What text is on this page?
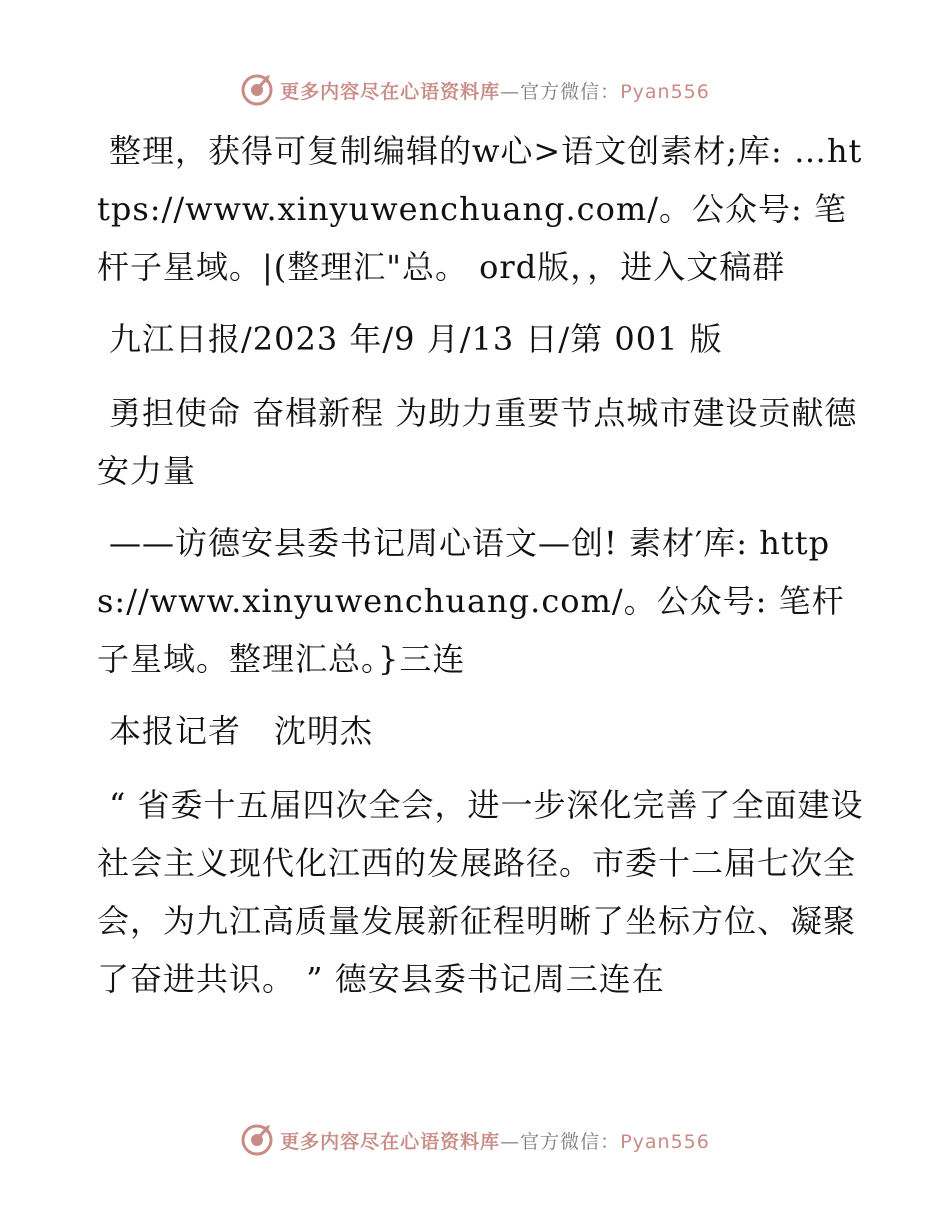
更多内容尽在心语资料库—官方微信：Pyan556

整理，获得可复制编辑的w心>语文创素材;库: …https://www.xinyuwenchuang.com/。公众号: 笔杆子星域。|(整理汇"总。 ord版，，进入文稿群

九江日报/2023 年/9 月/13 日/第 001 版

勇担使命 奋楫新程 为助力重要节点城市建设贡献德安力量

——访德安县委书记周心语文—创! 素材′库: https://www.xinyuwenchuang.com/。公众号: 笔杆子星域。整理汇总。}三连

本报记者　沈明杰

“ 省委十五届四次全会，进一步深化完善了全面建设社会主义现代化江西的发展路径。市委十二届七次全会，为九江高质量发展新征程明晰了坐标方位、凝聚了奋进共识。 ” 德安县委书记周三连在

更多内容尽在心语资料库—官方微信：Pyan556
